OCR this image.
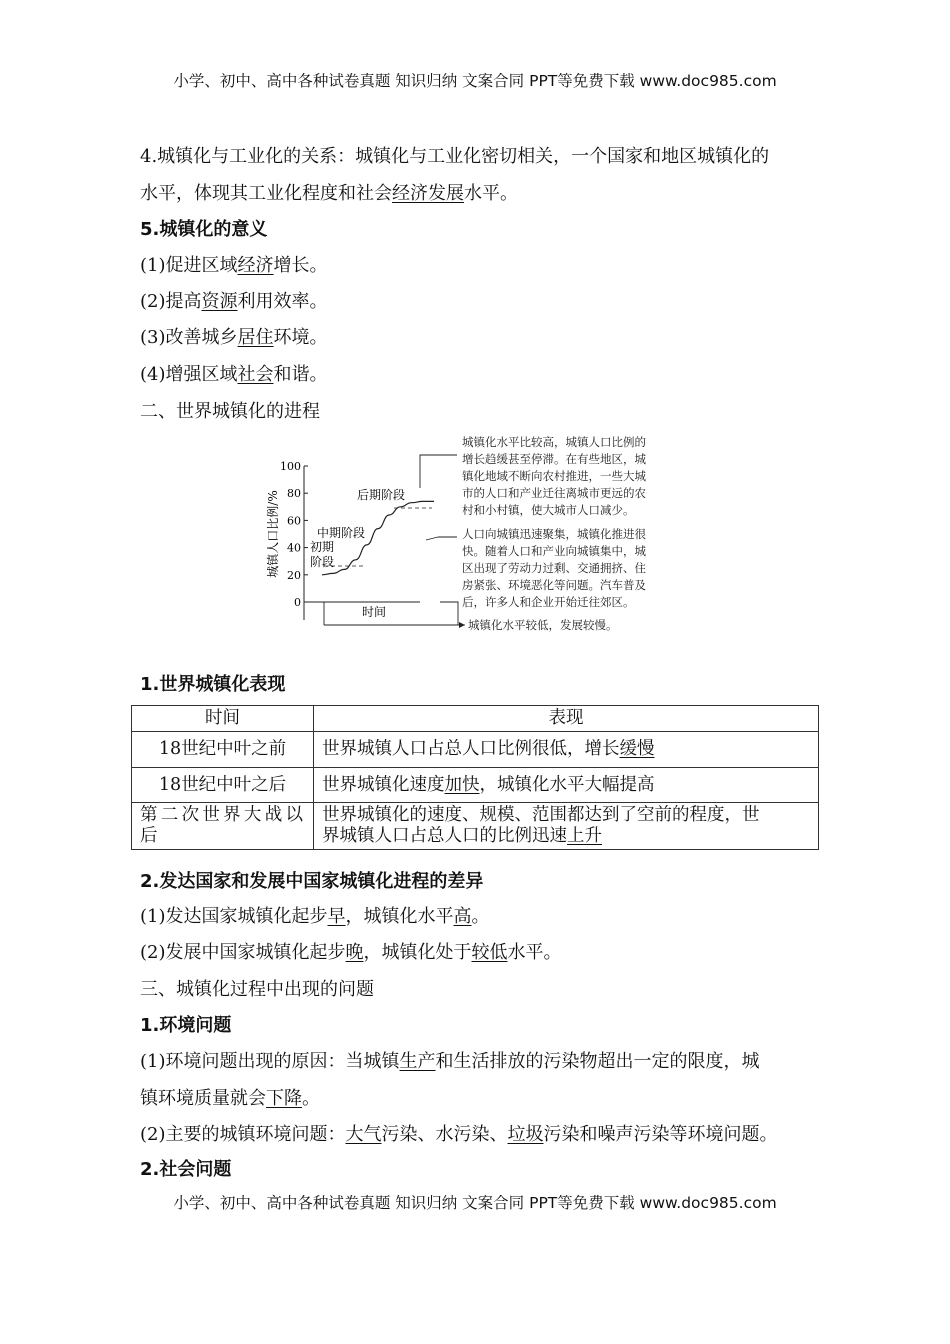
小学、初中、高中各种试卷真题 知识归纳 文案合同 PPT等免费下载 www.doc985.com
4.城镇化与工业化的关系：城镇化与工业化密切相关，一个国家和地区城镇化的
水平，体现其工业化程度和社会经济发展水平。
5.城镇化的意义
(1)促进区域经济增长。
(2)提高资源利用效率。
(3)改善城乡居住环境。
(4)增强区域社会和谐。
二、世界城镇化的进程
0
20
40
60
80
100
城镇人口比例/%	后期阶段
中期阶段
初期
阶段
时间
城镇化水平比较高，城镇人口比例的
增长趋缓甚至停滞。在有些地区，城
镇化地域不断向农村推进，一些大城
市的人口和产业迁往离城市更远的农
村和小村镇，使大城市人口减少。
人口向城镇迅速聚集，城镇化推进很
快。随着人口和产业向城镇集中，城
区出现了劳动力过剩、交通拥挤、住
房紧张、环境恶化等问题。汽车普及
后，许多人和企业开始迁往郊区。
城镇化水平较低，发展较慢。
1.世界城镇化表现
时间	表现
18世纪中叶之前	世界城镇人口占总人口比例很低，增长缓慢
18世纪中叶之后	世界城镇化速度加快，城镇化水平大幅提高
第二次世界大战以后	世界城镇化的速度、规模、范围都达到了空前的程度，世
界城镇人口占总人口的比例迅速上升
2.发达国家和发展中国家城镇化进程的差异
(1)发达国家城镇化起步早，城镇化水平高。
(2)发展中国家城镇化起步晚，城镇化处于较低水平。
三、城镇化过程中出现的问题
1.环境问题
(1)环境问题出现的原因：当城镇生产和生活排放的污染物超出一定的限度，城
镇环境质量就会下降。
(2)主要的城镇环境问题：大气污染、水污染、垃圾污染和噪声污染等环境问题。
2.社会问题
小学、初中、高中各种试卷真题 知识归纳 文案合同 PPT等免费下载 www.doc985.com
